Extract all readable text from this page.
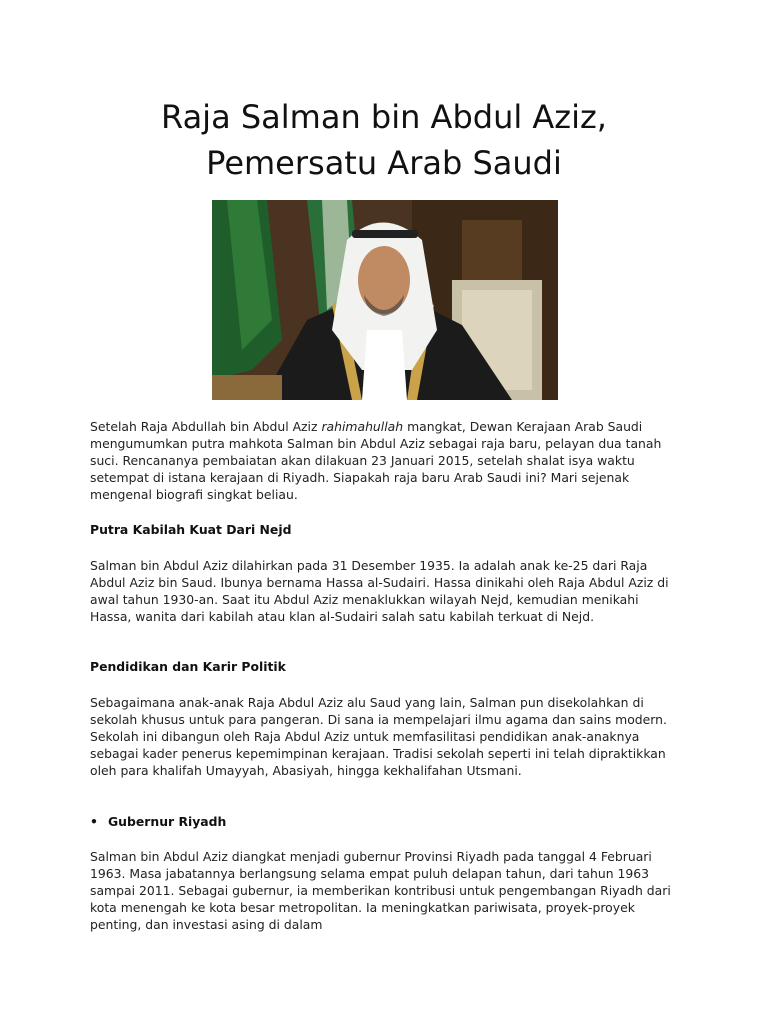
Raja Salman bin Abdul Aziz,
Pemersatu Arab Saudi

Setelah Raja Abdullah bin Abdul Aziz rahimahullah mangkat, Dewan Kerajaan Arab Saudi mengumumkan putra mahkota Salman bin Abdul Aziz sebagai raja baru, pelayan dua tanah suci. Rencananya pembaiatan akan dilakuan 23 Januari 2015, setelah shalat isya waktu setempat di istana kerajaan di Riyadh. Siapakah raja baru Arab Saudi ini? Mari sejenak mengenal biografi singkat beliau.

Putra Kabilah Kuat Dari Nejd

Salman bin Abdul Aziz dilahirkan pada 31 Desember 1935. Ia adalah anak ke-25 dari Raja Abdul Aziz bin Saud. Ibunya bernama Hassa al-Sudairi. Hassa dinikahi oleh Raja Abdul Aziz di awal tahun 1930-an. Saat itu Abdul Aziz menaklukkan wilayah Nejd, kemudian menikahi Hassa, wanita dari kabilah atau klan al-Sudairi salah satu kabilah terkuat di Nejd.

Pendidikan dan Karir Politik

Sebagaimana anak-anak Raja Abdul Aziz alu Saud yang lain, Salman pun disekolahkan di sekolah khusus untuk para pangeran. Di sana ia mempelajari ilmu agama dan sains modern. Sekolah ini dibangun oleh Raja Abdul Aziz untuk memfasilitasi pendidikan anak-anaknya sebagai kader penerus kepemimpinan kerajaan. Tradisi sekolah seperti ini telah dipraktikkan oleh para khalifah Umayyah, Abasiyah, hingga kekhalifahan Utsmani.

• Gubernur Riyadh

Salman bin Abdul Aziz diangkat menjadi gubernur Provinsi Riyadh pada tanggal 4 Februari 1963. Masa jabatannya berlangsung selama empat puluh delapan tahun, dari tahun 1963 sampai 2011. Sebagai gubernur, ia memberikan kontribusi untuk pengembangan Riyadh dari kota menengah ke kota besar metropolitan. Ia meningkatkan pariwisata, proyek-proyek penting, dan investasi asing di dalam
